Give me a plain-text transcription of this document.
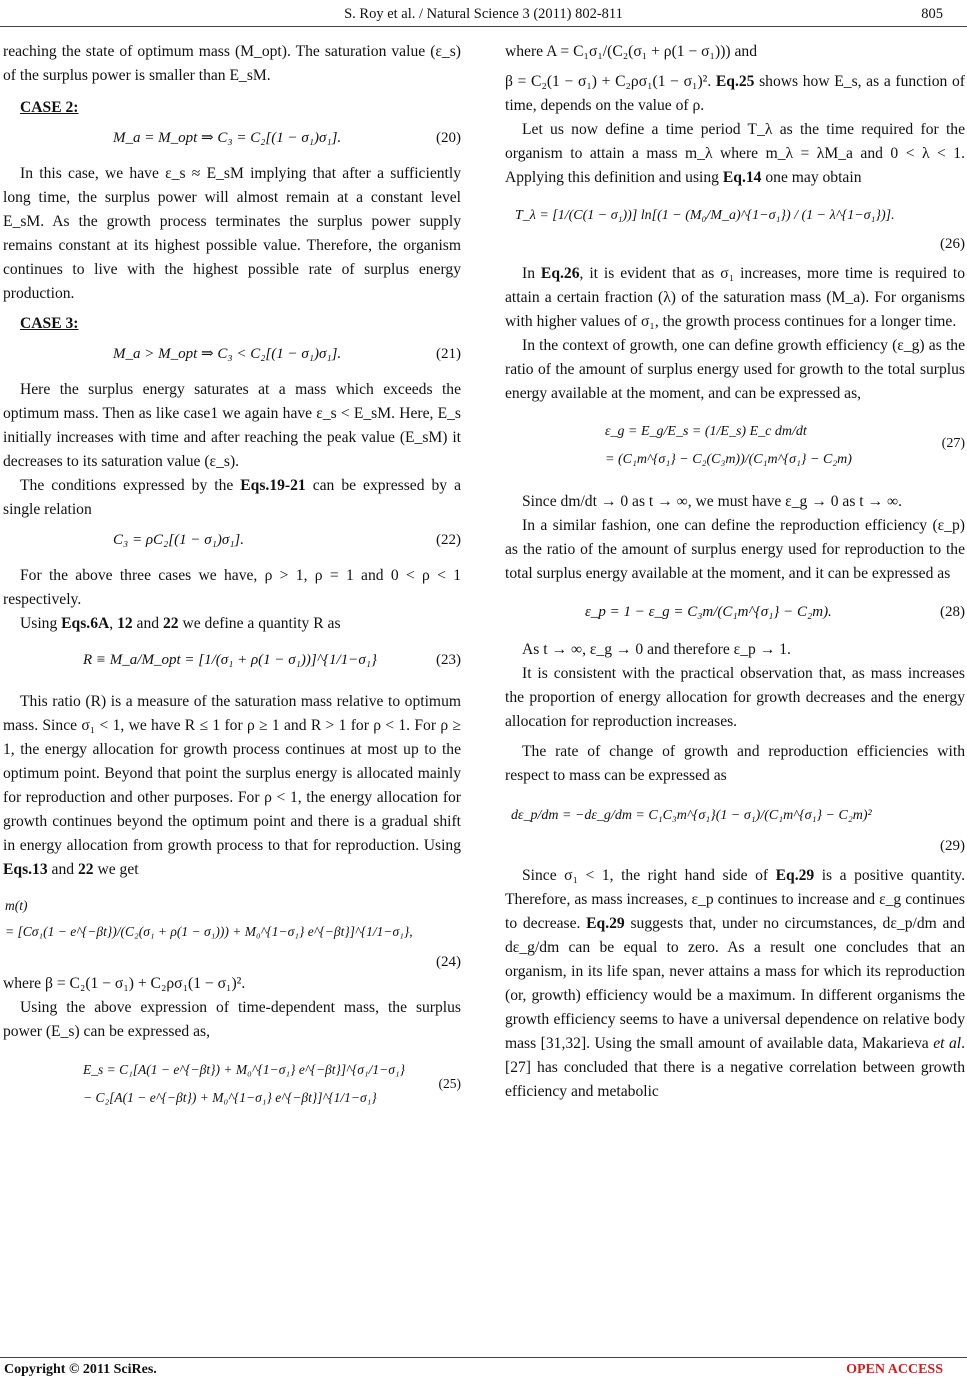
S. Roy et al. / Natural Science 3 (2011) 802-811	805

reaching the state of optimum mass (M_opt). The saturation value (ε_s) of the surplus power is smaller than E_sM.

CASE 2:

M_a = M_opt ⇒ C₃ = C₂[(1 − σ₁)σ₁].	(20)

In this case, we have ε_s ≈ E_sM implying that after a sufficiently long time, the surplus power will almost remain at a constant level E_sM. As the growth process terminates the surplus power supply remains constant at its highest possible value. Therefore, the organism continues to live with the highest possible rate of surplus energy production.

CASE 3:

M_a > M_opt ⇒ C₃ < C₂[(1 − σ₁)σ₁].	(21)

Here the surplus energy saturates at a mass which exceeds the optimum mass. Then as like case1 we again have ε_s < E_sM. Here, E_s initially increases with time and after reaching the peak value (E_sM) it decreases to its saturation value (ε_s).

The conditions expressed by the Eqs.19-21 can be expressed by a single relation

C₃ = ρC₂[(1 − σ₁)σ₁].	(22)

For the above three cases we have, ρ > 1, ρ = 1 and 0 < ρ < 1 respectively.

Using Eqs.6A, 12 and 22 we define a quantity R as

R ≡ M_a/M_opt = [1/(σ₁ + ρ(1 − σ₁))]^{1/1−σ₁}	(23)

This ratio (R) is a measure of the saturation mass relative to optimum mass. Since σ₁ < 1, we have R ≤ 1 for ρ ≥ 1 and R > 1 for ρ < 1. For ρ ≥ 1, the energy allocation for growth process continues at most up to the optimum point. Beyond that point the surplus energy is allocated mainly for reproduction and other purposes. For ρ < 1, the energy allocation for growth continues beyond the optimum point and there is a gradual shift in energy allocation from growth process to that for reproduction. Using Eqs.13 and 22 we get

m(t)
= [Cσ₁(1 − e^{−βt})/(C₂(σ₁ + ρ(1 − σ₁))) + M₀^{1−σ₁} e^{−βt}]^{1/1−σ₁},
(24)

where β = C₂(1 − σ₁) + C₂ρσ₁(1 − σ₁)².

Using the above expression of time-dependent mass, the surplus power (E_s) can be expressed as,

E_s = C₁[A(1 − e^{−βt}) + M₀^{1−σ₁} e^{−βt}]^{σ₁/1−σ₁}
− C₂[A(1 − e^{−βt}) + M₀^{1−σ₁} e^{−βt}]^{1/1−σ₁}
(25)

where A = C₁σ₁/(C₂(σ₁ + ρ(1 − σ₁))) and

β = C₂(1 − σ₁) + C₂ρσ₁(1 − σ₁)². Eq.25 shows how E_s, as a function of time, depends on the value of ρ.

Let us now define a time period T_λ as the time required for the organism to attain a mass m_λ where m_λ = λM_a and 0 < λ < 1. Applying this definition and using Eq.14 one may obtain

T_λ = [1/(C(1 − σ₁))] ln[(1 − (M₀/M_a)^{1−σ₁}) / (1 − λ^{1−σ₁})].
(26)

In Eq.26, it is evident that as σ₁ increases, more time is required to attain a certain fraction (λ) of the saturation mass (M_a). For organisms with higher values of σ₁, the growth process continues for a longer time.

In the context of growth, one can define growth efficiency (ε_g) as the ratio of the amount of surplus energy used for growth to the total surplus energy available at the moment, and can be expressed as,

ε_g = E_g/E_s = (1/E_s) E_c dm/dt
= (C₁m^{σ₁} − C₂(C₃m))/(C₁m^{σ₁} − C₂m)
(27)

Since dm/dt → 0 as t → ∞, we must have ε_g → 0 as t → ∞.

In a similar fashion, one can define the reproduction efficiency (ε_p) as the ratio of the amount of surplus energy used for reproduction to the total surplus energy available at the moment, and it can be expressed as

ε_p = 1 − ε_g = C₃m/(C₁m^{σ₁} − C₂m).	(28)

As t → ∞, ε_g → 0 and therefore ε_p → 1.

It is consistent with the practical observation that, as mass increases the proportion of energy allocation for growth decreases and the energy allocation for reproduction increases.

The rate of change of growth and reproduction efficiencies with respect to mass can be expressed as

dε_p/dm = −dε_g/dm = C₁C₃m^{σ₁}(1 − σ₁)/(C₁m^{σ₁} − C₂m)²
(29)

Since σ₁ < 1, the right hand side of Eq.29 is a positive quantity. Therefore, as mass increases, ε_p continues to increase and ε_g continues to decrease. Eq.29 suggests that, under no circumstances, dε_p/dm and dε_g/dm can be equal to zero. As a result one concludes that an organism, in its life span, never attains a mass for which its reproduction (or, growth) efficiency would be a maximum. In different organisms the growth efficiency seems to have a universal dependence on relative body mass [31,32]. Using the small amount of available data, Makarieva et al. [27] has concluded that there is a negative correlation between growth efficiency and metabolic

Copyright © 2011 SciRes.	OPEN ACCESS
